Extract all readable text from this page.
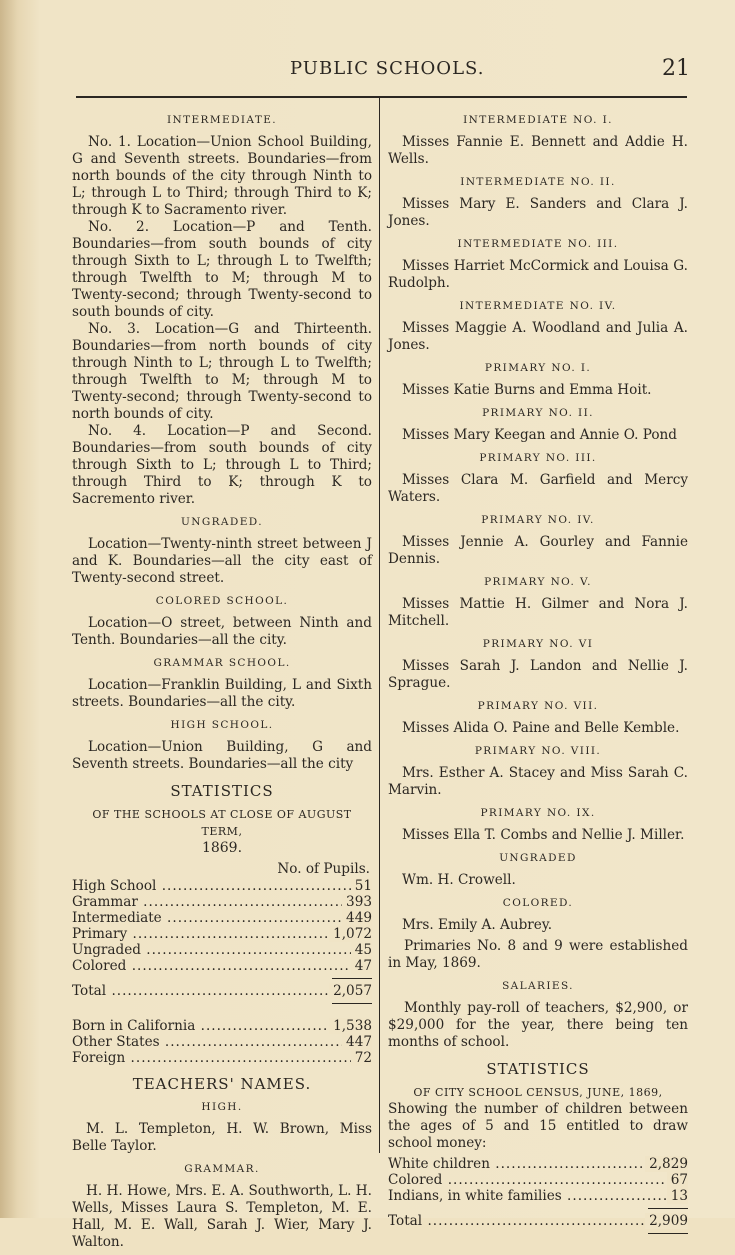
PUBLIC SCHOOLS.	21
INTERMEDIATE.

No. 1. Location—Union School Building, G and Seventh streets. Boundaries—from north bounds of the city through Ninth to L; through L to Third; through Third to K; through K to Sacramento river.

No. 2. Location—P and Tenth. Boundaries—from south bounds of city through Sixth to L; through L to Twelfth; through Twelfth to M; through M to Twenty-second; through Twenty-second to south bounds of city.

No. 3. Location—G and Thirteenth. Boundaries—from north bounds of city through Ninth to L; through L to Twelfth; through Twelfth to M; through M to Twenty-second; through Twenty-second to north bounds of city.

No. 4. Location—P and Second. Boundaries—from south bounds of city through Sixth to L; through L to Third; through Third to K; through K to Sacremento river.

UNGRADED.

Location—Twenty-ninth street between J and K. Boundaries—all the city east of Twenty-second street.

COLORED SCHOOL.

Location—O street, between Ninth and Tenth. Boundaries—all the city.

GRAMMAR SCHOOL.

Location—Franklin Building, L and Sixth streets. Boundaries—all the city.

HIGH SCHOOL.

Location—Union Building, G and Seventh streets. Boundaries—all the city

STATISTICS

OF THE SCHOOLS AT CLOSE OF AUGUST TERM,

1869.

No. of Pupils.

High School .....	51
Grammar .....	393
Intermediate .....	449
Primary .....	1,072
Ungraded .....	45
Colored .....	47
Total .....	2,057
Born in California .....	1,538
Other States .....	447
Foreign .....	72
TEACHERS' NAMES.
HIGH.

M. L. Templeton, H. W. Brown, Miss Belle Taylor.

GRAMMAR.

H. H. Howe, Mrs. E. A. Southworth, L. H. Wells, Misses Laura S. Templeton, M. E. Hall, M. E. Wall, Sarah J. Wier, Mary J. Walton.

INTERMEDIATE NO. I.

Misses Fannie E. Bennett and Addie H. Wells.

INTERMEDIATE NO. II.

Misses Mary E. Sanders and Clara J. Jones.

INTERMEDIATE NO. III.

Misses Harriet McCormick and Louisa G. Rudolph.

INTERMEDIATE NO. IV.

Misses Maggie A. Woodland and Julia A. Jones.

PRIMARY NO. I.

Misses Katie Burns and Emma Hoit.

PRIMARY NO. II.

Misses Mary Keegan and Annie O. Pond

PRIMARY NO. III.

Misses Clara M. Garfield and Mercy Waters.

PRIMARY NO. IV.

Misses Jennie A. Gourley and Fannie Dennis.

PRIMARY NO. V.

Misses Mattie H. Gilmer and Nora J. Mitchell.

PRIMARY NO. VI

Misses Sarah J. Landon and Nellie J. Sprague.

PRIMARY NO. VII.

Misses Alida O. Paine and Belle Kemble.

PRIMARY NO. VIII.

Mrs. Esther A. Stacey and Miss Sarah C. Marvin.

PRIMARY NO. IX.

Misses Ella T. Combs and Nellie J. Miller.

UNGRADED

Wm. H. Crowell.

COLORED.

Mrs. Emily A. Aubrey.

Primaries No. 8 and 9 were established in May, 1869.

SALARIES.

Monthly pay-roll of teachers, $2,900, or $29,000 for the year, there being ten months of school.

STATISTICS

OF CITY SCHOOL CENSUS, JUNE, 1869,

Showing the number of children between the ages of 5 and 15 entitled to draw school money:

White children .....	2,829
Colored .....	67
Indians, in white families .....	13
Total .....	2,909
